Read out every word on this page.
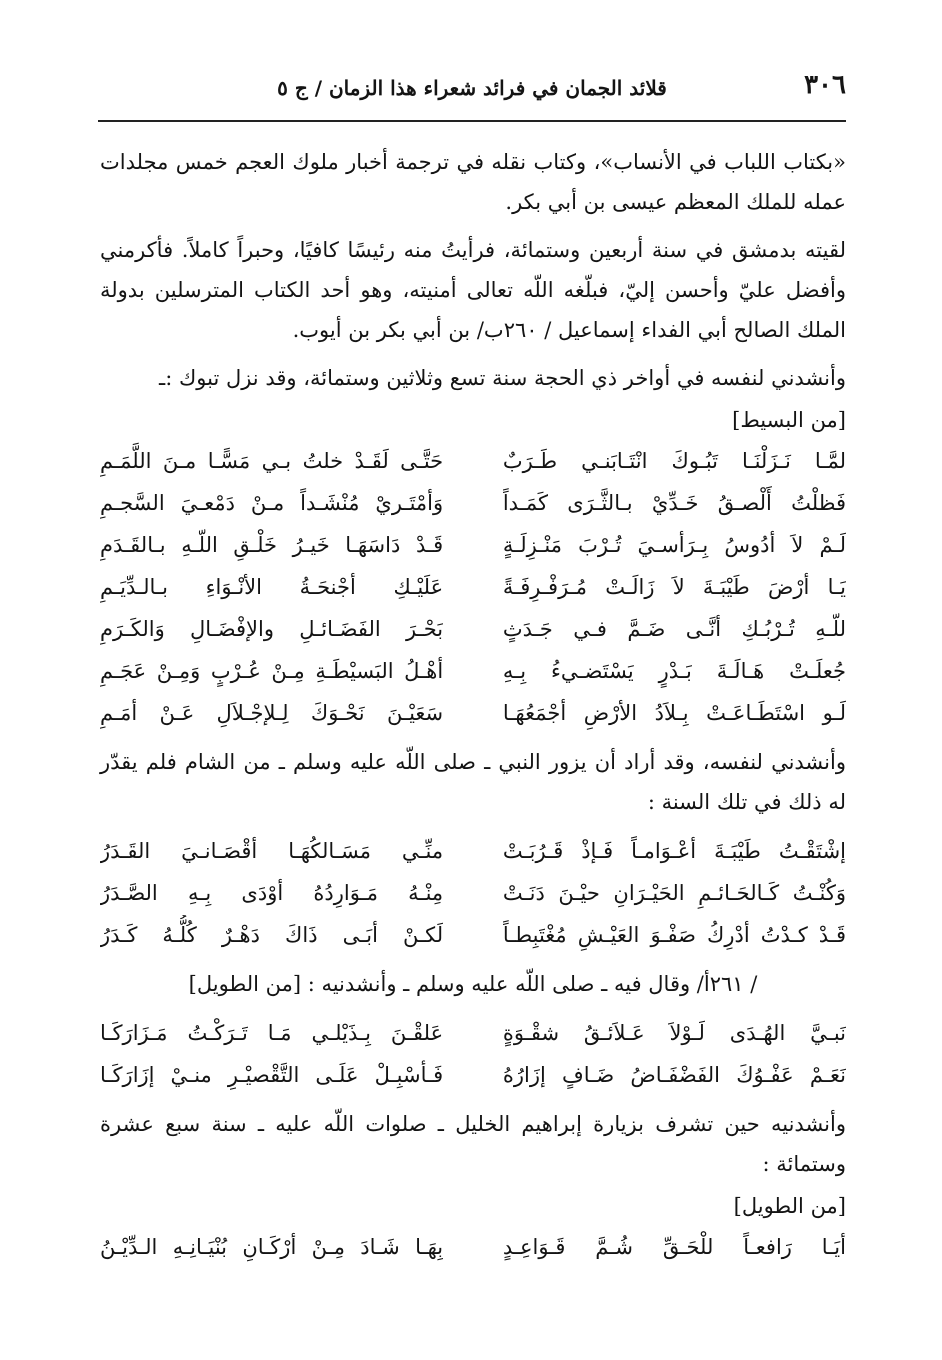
٣٠٦
قلائد الجمان في فرائد شعراء هذا الزمان / ج ٥

«بكتاب اللباب في الأنساب»، وكتاب نقله في ترجمة أخبار ملوك العجم خمس مجلدات عمله للملك المعظم عيسى بن أبي بكر.

لقيته بدمشق في سنة أربعين وستمائة، فرأيتُ منه رئيسًا كافيًا، وحبراً كاملاً. فأكرمني وأفضل عليّ وأحسن إليّ، فبلّغه اللّه تعالى أمنيته، وهو أحد الكتاب المترسلين بدولة الملك الصالح أبي الفداء إسماعيل / ٢٦٠ب/ بن أبي بكر بن أيوب.

وأنشدني لنفسه في أواخر ذي الحجة سنة تسع وثلاثين وستمائة، وقد نزل تبوك :ـ

[من البسيط]
لمَّـا نَـزَلْنَـا تَبُـوكَ انْتَـابَنـي طَـرَبٌ
حَتَّـى لَقَـدْ خلتُ بـي مَسًّـا مـنَ اللَّمَـمِ
فَظلْتُ أَلْصـقُ خَـدِّيْ بـالثَّـرَى كَمَـداً
وَأمْتَـريْ مُنْشَـداً مـنْ دَمْعـيَ السَّجـمِ
لَـمْ لاَ أدُوسُ بِـرَأسـيَ تُـرْبَ مَنْـزِلَـةٍ
قَـدْ دَاسَهَـا خَيـرُ خَلْـقِ اللّـهِ بـالقَـدَمِ
يَـا أرْضَ طَيْبَـةَ لاَ زَالَـتْ مُـرَفْـرِفَـةً
عَلَيْـكِ أجْنحَـةُ الأنْـوَاءِ بـالـدِّيَـمِ
للّـهِ تُـرْبُـكِ أنَّـى ضَـمَّ فـي جَـدَثٍ
بَحْـرَ الفَضَـائـلِ والإفْضَـالِ وَالكَـرَمِ
جُعلَـتْ هَـالَـةَ بَـدْرٍ يَسْتَضـيءُ بِـهِ
أهْـلُ البَسيْطَـةِ مِـنْ عُـرْبٍ وَمِـنْ عَجَـمِ
لَـو اسْتَطَـاعَـتْ بِـلاَدُ الأرْضِ أجْمَعُهَـا
سَعَيْـنَ نَحْـوَكَ لِـلإجْـلاَلِ عَـنْ أمَـمِ

وأنشدني لنفسه، وقد أراد أن يزور النبي ـ صلى اللّه عليه وسلم ـ من الشام فلم يقدّر له ذلك في تلك السنة :

إشْتَقْـتُ طَيْبَـةَ أعْـوَامـاً فَـإذْ قَـرُبَـتْ
منِّـي مَسَـالكُهَـا أقْصَـانـيَ القَـدَرُ
وَكُنْـتُ كَـالحَـائـمِ الحَيْـرَانِ حيْـنَ دَنَـتْ
مِنْـهُ مَـوَارِدُهُ أوْدَى بِـهِ الصَّـدَرُ
قَـدْ كـدْتُ أدْرِكُ صَفْـوَ العَيْـشِ مُغْتَبِطـاً
لَكـنْ أبَـى ذَاكَ دَهْـرٌ كُلُّـهُ كَـدَرُ

/ ٢٦١أ/ وقال فيه ـ صلى اللّه عليه وسلم ـ وأنشدنيه : [من الطويل]

نَبـيَّ الهُـدَى لَـوْلاَ عَـلاَئـقُ شقْـوَةٍ
عَلقْـنَ بِـذَيْلـي مَـا تَـرَكْـتُ مَـزَارَكَـا
نَعَـمْ عَفْـوُكَ الفَضْفَـاضُ ضَـافٍ إزَارُهُ
فَـأسْبِـلْ عَلَـى التَّقْصيْـرِ منـيْ إزَارَكَـا

وأنشدنيه حين تشرف بزيارة إبراهيم الخليل ـ صلوات اللّه عليه ـ سنة سبع عشرة وستمائة :

[من الطويل]
أيَـا رَافعـاً للْحَـقِّ شُـمَّ قَـوَاعِـدٍ
بِهَـا شَـادَ مِـنْ أرْكَـانِ بُنْيَـانِـهِ الـدِّيْـنُ
